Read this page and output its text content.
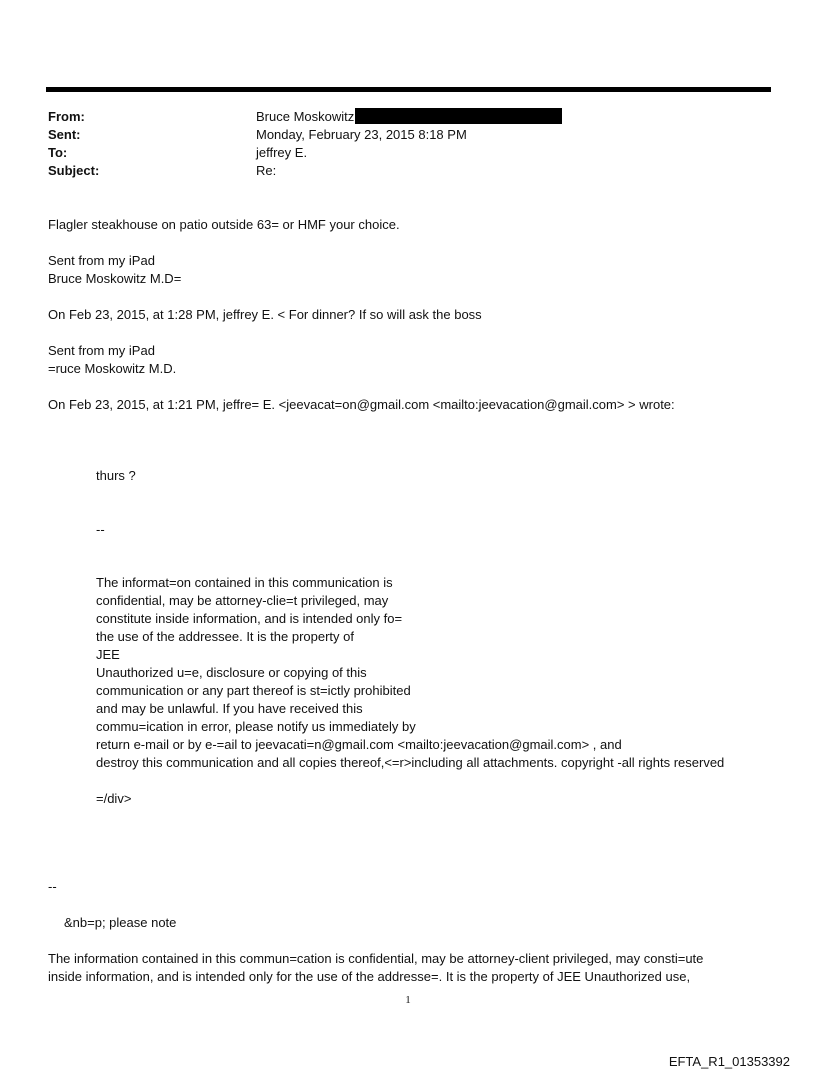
From:	Bruce Moskowitz
Sent:	Monday, February 23, 2015 8:18 PM
To:	jeffrey E.
Subject:	Re:
Flagler steakhouse on patio outside 63= or HMF your choice.
Sent from my iPad
Bruce Moskowitz M.D=
On Feb 23, 2015, at 1:28 PM, jeffrey E. < For dinner? If so will ask the boss
Sent from my iPad
=ruce Moskowitz M.D.
On Feb 23, 2015, at 1:21 PM, jeffre= E. <jeevacat=on@gmail.com <mailto:jeevacation@gmail.com> > wrote:
thurs ?
--
The informat=on contained in this communication is
confidential, may be attorney-clie=t privileged, may
constitute inside information, and is intended only fo=
the use of the addressee. It is the property of
JEE
Unauthorized u=e, disclosure or copying of this
communication or any part thereof is st=ictly prohibited
and may be unlawful. If you have received this
commu=ication in error, please notify us immediately by
return e-mail or by e-=ail to jeevacati=n@gmail.com <mailto:jeevacation@gmail.com> , and
destroy this communication and all copies thereof,<=r>including all attachments. copyright -all rights reserved
=/div>
--
&nb=p; please note
The information contained in this commun=cation is confidential, may be attorney-client privileged, may consti=ute
inside information, and is intended only for the use of the addresse=. It is the property of JEE Unauthorized use,
1
EFTA_R1_01353392
